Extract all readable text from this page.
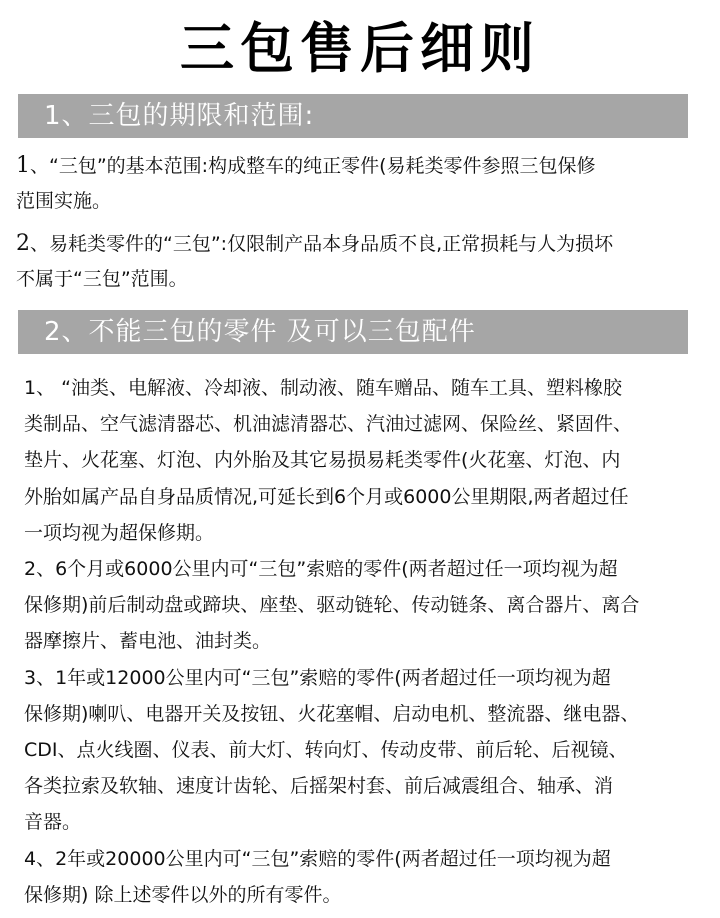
三包售后细则
1、三包的期限和范围:
1、“三包”的基本范围:构成整车的纯正零件(易耗类零件参照三包保修
范围实施。
2、易耗类零件的“三包”:仅限制产品本身品质不良,正常损耗与人为损坏
不属于“三包”范围。
2、不能三包的零件 及可以三包配件
1、 “油类、电解液、冷却液、制动液、随车赠品、随车工具、塑料橡胶
类制品、空气滤清器芯、机油滤清器芯、汽油过滤网、保险丝、紧固件、
垫片、火花塞、灯泡、内外胎及其它易损易耗类零件(火花塞、灯泡、内
外胎如属产品自身品质情况,可延长到6个月或6000公里期限,两者超过任
一项均视为超保修期。
2、6个月或6000公里内可“三包”索赔的零件(两者超过任一项均视为超
保修期)前后制动盘或蹄块、座垫、驱动链轮、传动链条、离合器片、离合
器摩擦片、蓄电池、油封类。
3、1年或12000公里内可“三包”索赔的零件(两者超过任一项均视为超
保修期)喇叭、电器开关及按钮、火花塞帽、启动电机、整流器、继电器、
CDI、点火线圈、仪表、前大灯、转向灯、传动皮带、前后轮、后视镜、
各类拉索及软轴、速度计齿轮、后摇架村套、前后减震组合、轴承、消
音器。
4、2年或20000公里内可“三包”索赔的零件(两者超过任一项均视为超
保修期) 除上述零件以外的所有零件。
